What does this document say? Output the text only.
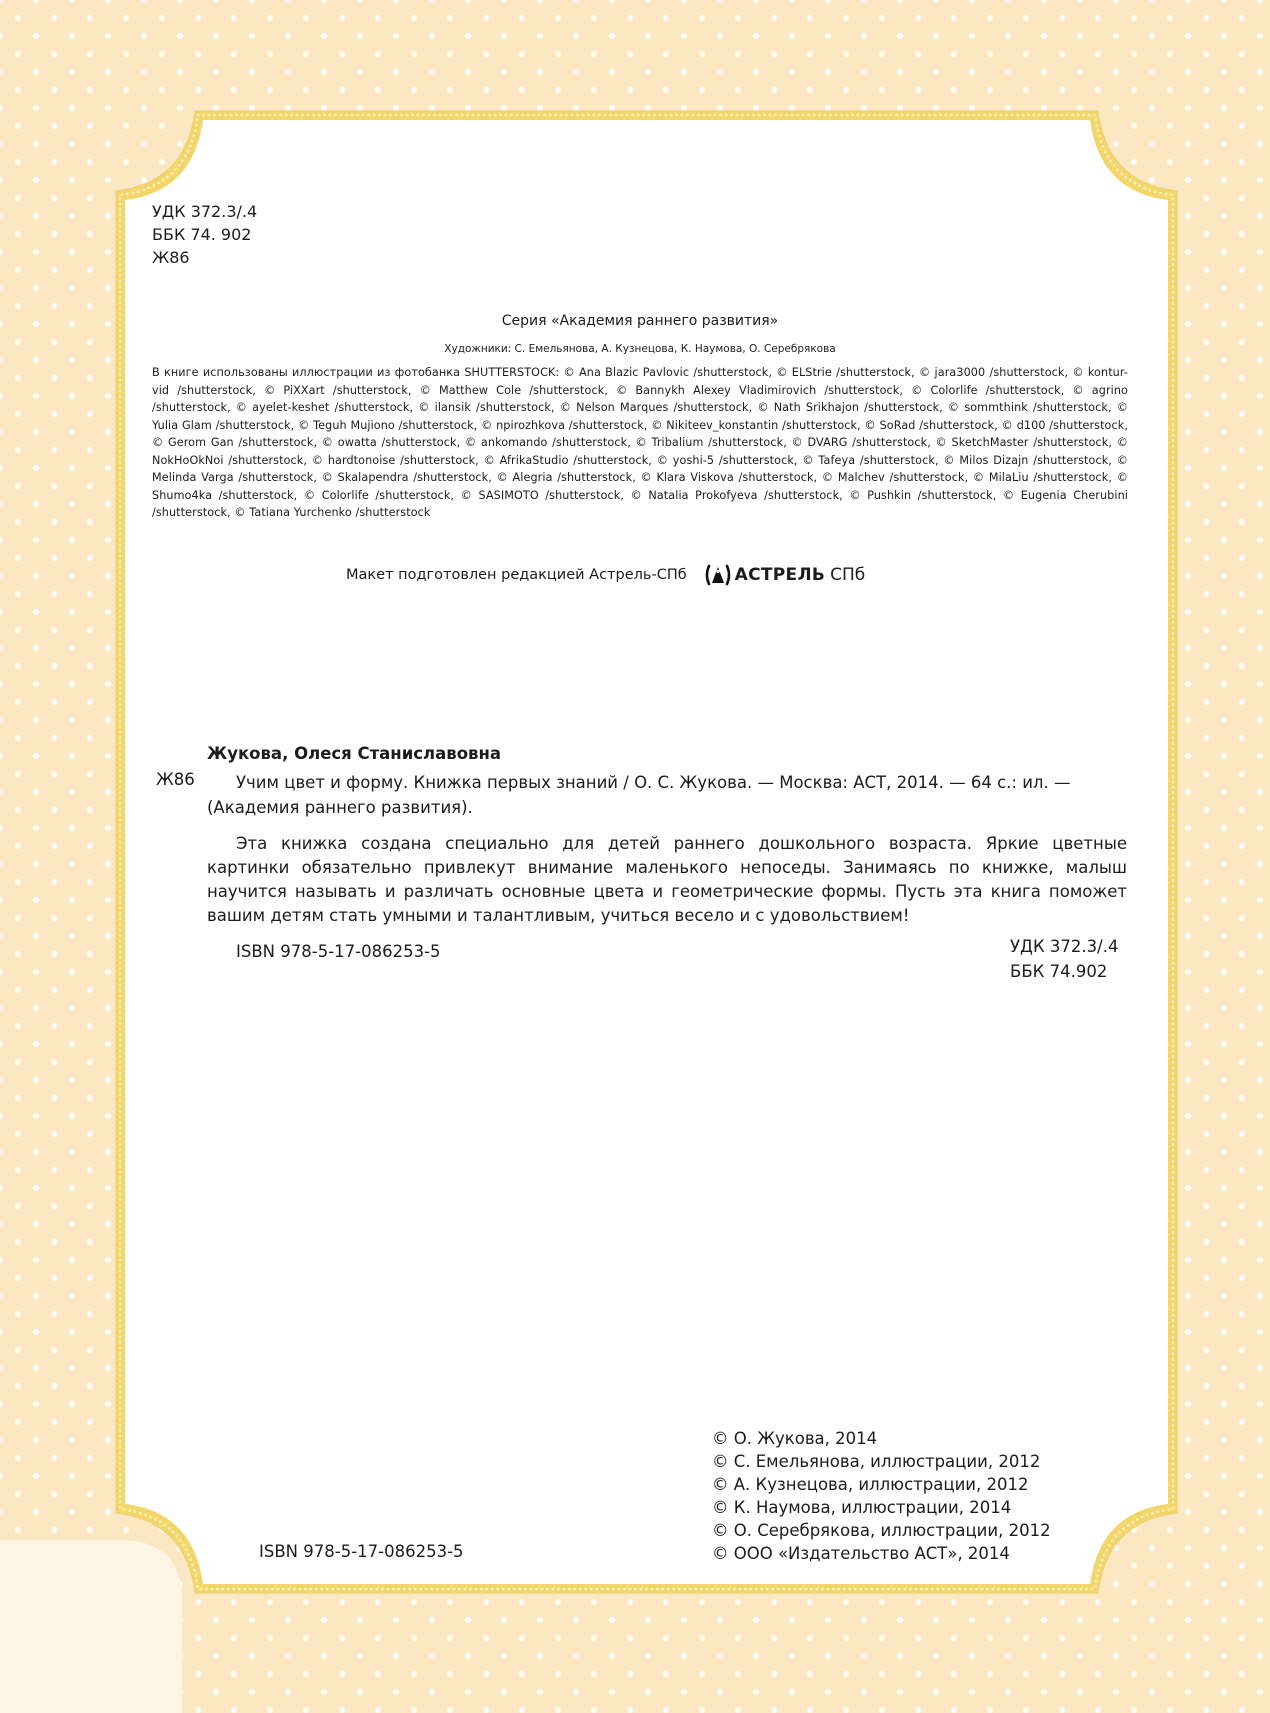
УДК 372.3/.4
ББК 74. 902
Ж86
Серия «Академия раннего развития»
Художники: С. Емельянова, А. Кузнецова, К. Наумова, О. Серебрякова
В книге использованы иллюстрации из фотобанка SHUTTERSTOCK: © Ana Blazic Pavlovic /shutterstock, © ELStrie /shutterstock, © jara3000 /shutterstock, © kontur-vid /shutterstock, © PiXXart /shutterstock, © Matthew Cole /shutterstock, © Bannykh Alexey Vladimirovich /shutterstock, © Colorlife /shutterstock, © agrino /shutterstock, © ayelet-keshet /shutterstock, © ilansik /shutterstock, © Nelson Marques /shutterstock, © Nath Srikhajon /shutterstock, © sommthink /shutterstock, © Yulia Glam /shutterstock, © Teguh Mujiono /shutterstock, © npirozhkova /shutterstock, © Nikiteev_konstantin /shutterstock, © SoRad /shutterstock, © d100 /shutterstock, © Gerom Gan /shutterstock, © owatta /shutterstock, © ankomando /shutterstock, © Tribalium /shutterstock, © DVARG /shutterstock, © SketchMaster /shutterstock, © NokHoOkNoi /shutterstock, © hardtonoise /shutterstock, © AfrikaStudio /shutterstock, © yoshi-5 /shutterstock, © Tafeya /shutterstock, © Milos Dizajn /shutterstock, © Melinda Varga /shutterstock, © Skalapendra /shutterstock, © Alegria /shutterstock, © Klara Viskova /shutterstock, © Malchev /shutterstock, © MilaLiu /shutterstock, © Shumo4ka /shutterstock, © Colorlife /shutterstock, © SASIMOTO /shutterstock, © Natalia Prokofyeva /shutterstock, © Pushkin /shutterstock, © Eugenia Cherubini /shutterstock, © Tatiana Yurchenko /shutterstock
Макет подготовлен редакцией Астрель-СПб	АСТРЕЛЬ СПб
Жукова, Олеся Станиславовна
Ж86	Учим цвет и форму. Книжка первых знаний / О. С. Жукова. — Москва: АСТ, 2014. — 64 с.: ил. — (Академия раннего развития).
Эта книжка создана специально для детей раннего дошкольного возраста. Яркие цветные картинки обязательно привлекут внимание маленького непоседы. Занимаясь по книжке, малыш научится называть и различать основные цвета и геометрические формы. Пусть эта книга поможет вашим детям стать умными и талантливым, учиться весело и с удовольствием!
ISBN 978-5-17-086253-5	УДК 372.3/.4
ББК 74.902
© О. Жукова, 2014
© С. Емельянова, иллюстрации, 2012
© А. Кузнецова, иллюстрации, 2012
© К. Наумова, иллюстрации, 2014
© О. Серебрякова, иллюстрации, 2012
© ООО «Издательство АСТ», 2014
ISBN 978-5-17-086253-5
